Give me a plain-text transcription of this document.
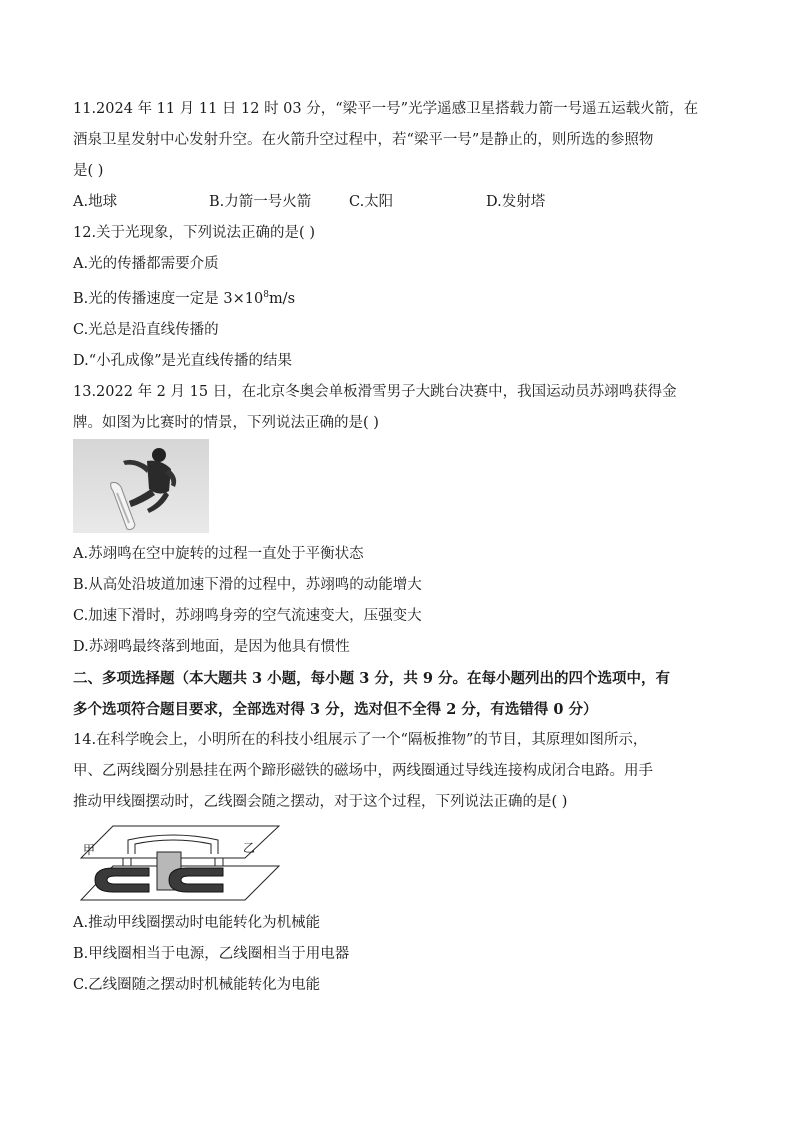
11.2024 年 11 月 11 日 12 时 03 分，“梁平一号”光学遥感卫星搭载力箭一号遥五运载火箭，在
酒泉卫星发射中心发射升空。在火箭升空过程中，若“梁平一号”是静止的，则所选的参照物
是( )
A.地球	B.力箭一号火箭	C.太阳	D.发射塔
12.关于光现象，下列说法正确的是( )
A.光的传播都需要介质
B.光的传播速度一定是 $3\times 10^8m/s$
C.光总是沿直线传播的
D.“小孔成像”是光直线传播的结果
13.2022 年 2 月 15 日，在北京冬奥会单板滑雪男子大跳台决赛中，我国运动员苏翊鸣获得金
牌。如图为比赛时的情景，下列说法正确的是( )
A.苏翊鸣在空中旋转的过程一直处于平衡状态
B.从高处沿坡道加速下滑的过程中，苏翊鸣的动能增大
C.加速下滑时，苏翊鸣身旁的空气流速变大，压强变大
D.苏翊鸣最终落到地面，是因为他具有惯性
二、多项选择题（本大题共 3 小题，每小题 3 分，共 9 分。在每小题列出的四个选项中，有
多个选项符合题目要求，全部选对得 3 分，选对但不全得 2 分，有选错得 0 分）
14.在科学晚会上，小明所在的科技小组展示了一个“隔板推物”的节目，其原理如图所示，
甲、乙两线圈分别悬挂在两个蹄形磁铁的磁场中，两线圈通过导线连接构成闭合电路。用手
推动甲线圈摆动时，乙线圈会随之摆动，对于这个过程，下列说法正确的是( )
甲	乙
A.推动甲线圈摆动时电能转化为机械能
B.甲线圈相当于电源，乙线圈相当于用电器
C.乙线圈随之摆动时机械能转化为电能
